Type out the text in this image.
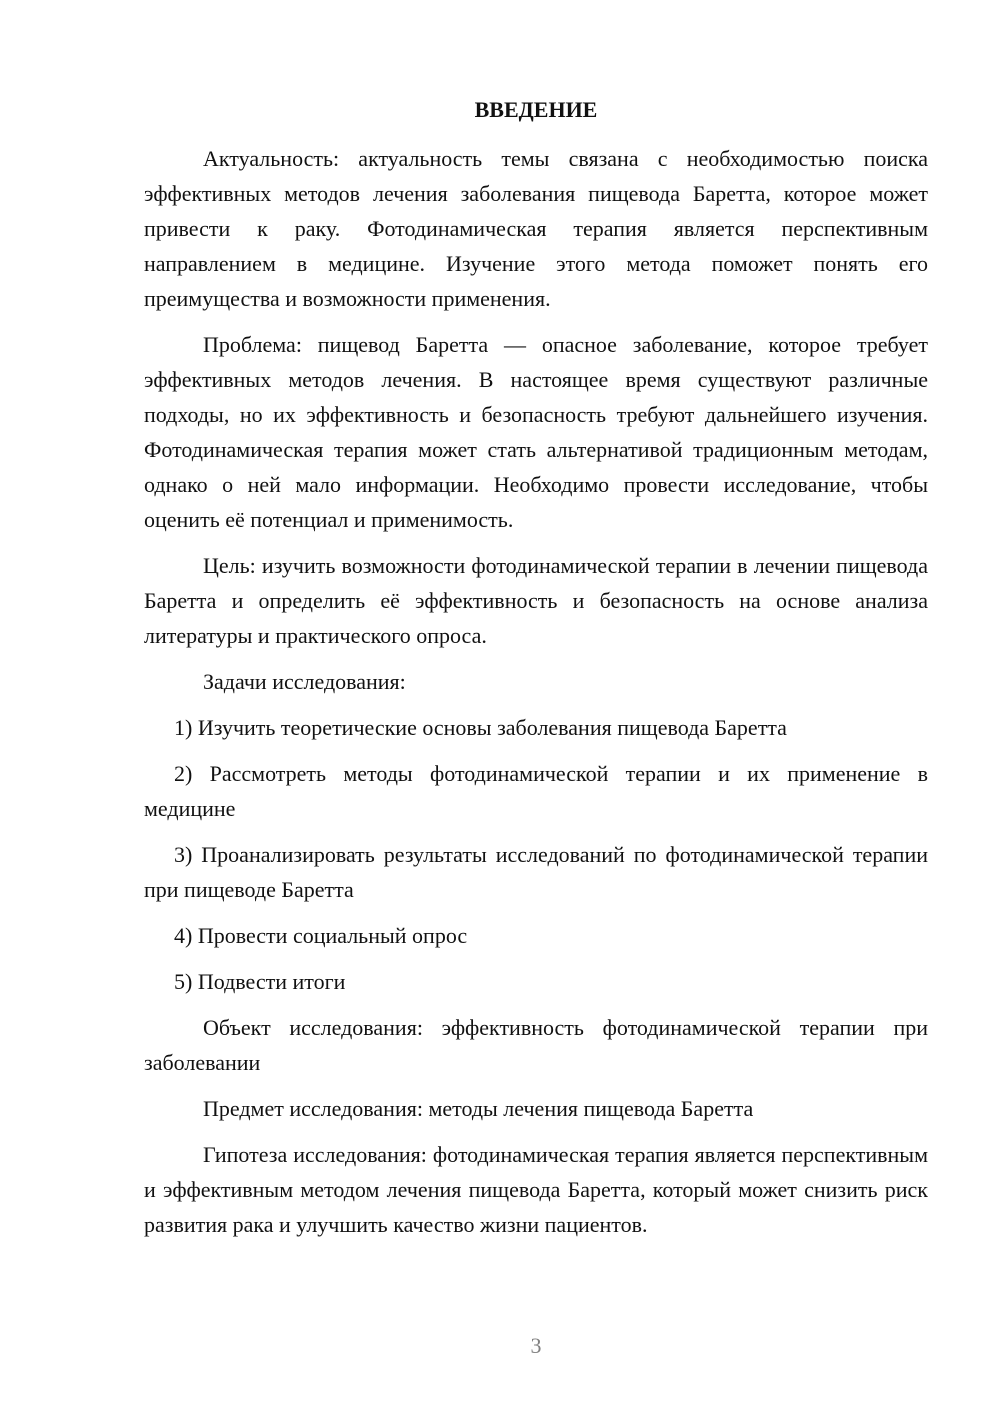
ВВЕДЕНИЕ

Актуальность: актуальность темы связана с необходимостью поиска эффективных методов лечения заболевания пищевода Баретта, которое может привести к раку. Фотодинамическая терапия является перспективным направлением в медицине. Изучение этого метода поможет понять его преимущества и возможности применения.

Проблема: пищевод Баретта — опасное заболевание, которое требует эффективных методов лечения. В настоящее время существуют различные подходы, но их эффективность и безопасность требуют дальнейшего изучения. Фотодинамическая терапия может стать альтернативой традиционным методам, однако о ней мало информации. Необходимо провести исследование, чтобы оценить её потенциал и применимость.

Цель: изучить возможности фотодинамической терапии в лечении пищевода Баретта и определить её эффективность и безопасность на основе анализа литературы и практического опроса.

Задачи исследования:

1) Изучить теоретические основы заболевания пищевода Баретта

2) Рассмотреть методы фотодинамической терапии и их применение в медицине

3) Проанализировать результаты исследований по фотодинамической терапии при пищеводе Баретта

4) Провести социальный опрос

5) Подвести итоги

Объект исследования: эффективность фотодинамической терапии при заболевании

Предмет исследования: методы лечения пищевода Баретта

Гипотеза исследования: фотодинамическая терапия является перспективным и эффективным методом лечения пищевода Баретта, который может снизить риск развития рака и улучшить качество жизни пациентов.

3
